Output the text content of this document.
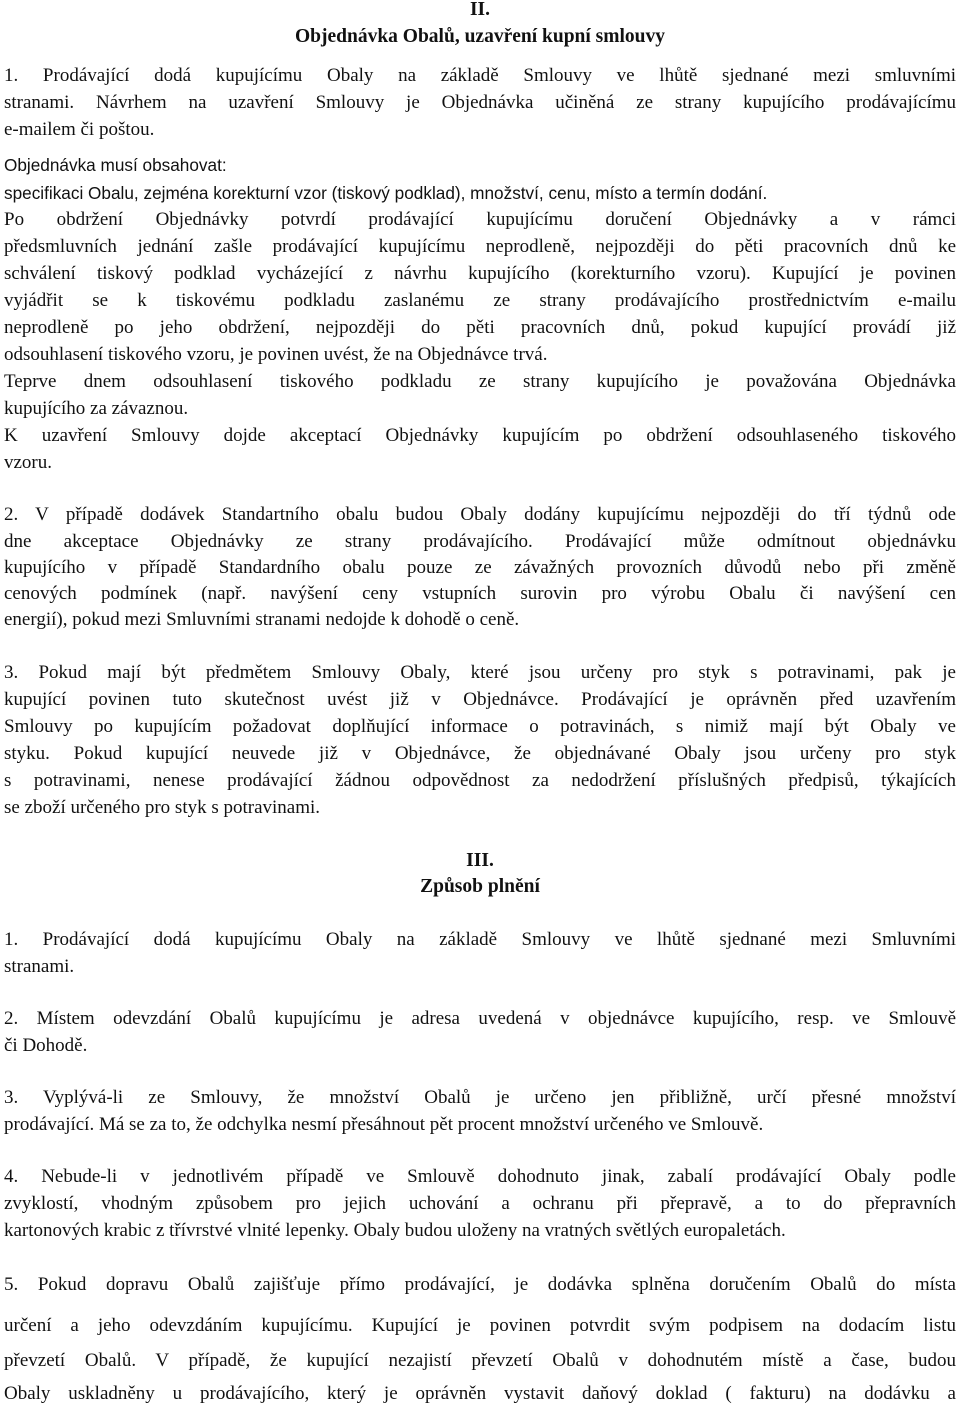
II.
Objednávka Obalů, uzavření kupní smlouvy
1. Prodávající dodá kupujícímu Obaly na základě Smlouvy ve lhůtě sjednané mezi smluvními
stranami. Návrhem na uzavření Smlouvy je Objednávka učiněná ze strany kupujícího prodávajícímu
e-mailem či poštou.
Objednávka musí obsahovat:
specifikaci Obalu, zejména korekturní vzor (tiskový podklad), množství, cenu, místo a termín dodání.
Po obdržení Objednávky potvrdí prodávající kupujícímu doručení Objednávky a v rámci
předsmluvních jednání zašle prodávající kupujícímu neprodleně, nejpozději do pěti pracovních dnů ke
schválení tiskový podklad vycházející z návrhu kupujícího (korekturního vzoru). Kupující je povinen
vyjádřit se k tiskovému podkladu zaslanému ze strany prodávajícího prostřednictvím e-mailu
neprodleně po jeho obdržení, nejpozději do pěti pracovních dnů, pokud kupující provádí již
odsouhlasení tiskového vzoru, je povinen uvést, že na Objednávce trvá.
Teprve dnem odsouhlasení tiskového podkladu ze strany kupujícího je považována Objednávka
kupujícího za závaznou.
K uzavření Smlouvy dojde akceptací Objednávky kupujícím po obdržení odsouhlaseného tiskového
vzoru.
2. V případě dodávek Standartního obalu budou Obaly dodány kupujícímu nejpozději do tří týdnů ode
dne akceptace Objednávky ze strany prodávajícího. Prodávající může odmítnout objednávku
kupujícího v případě Standardního obalu pouze ze závažných provozních důvodů nebo při změně
cenových podmínek (např. navýšení ceny vstupních surovin pro výrobu Obalu či navýšení cen
energií), pokud mezi Smluvními stranami nedojde k dohodě o ceně.
3. Pokud mají být předmětem Smlouvy Obaly, které jsou určeny pro styk s potravinami, pak je
kupující povinen tuto skutečnost uvést již v Objednávce. Prodávající je oprávněn před uzavřením
Smlouvy po kupujícím požadovat doplňující informace o potravinách, s nimiž mají být Obaly ve
styku. Pokud kupující neuvede již v Objednávce, že objednávané Obaly jsou určeny pro styk
s potravinami, nenese prodávající žádnou odpovědnost za nedodržení příslušných předpisů, týkajících
se zboží určeného pro styk s potravinami.
III.
Způsob plnění
1. Prodávající dodá kupujícímu Obaly na základě Smlouvy ve lhůtě sjednané mezi Smluvními
stranami.
2. Místem odevzdání Obalů kupujícímu je adresa uvedená v objednávce kupujícího, resp. ve Smlouvě
či Dohodě.
3. Vyplývá-li ze Smlouvy, že množství Obalů je určeno jen přibližně, určí přesné množství
prodávající. Má se za to, že odchylka nesmí přesáhnout pět procent množství určeného ve Smlouvě.
4. Nebude-li v jednotlivém případě ve Smlouvě dohodnuto jinak, zabalí prodávající Obaly podle
zvyklostí, vhodným způsobem pro jejich uchování a ochranu při přepravě, a to do přepravních
kartonových krabic z třívrstvé vlnité lepenky. Obaly budou uloženy na vratných světlých europaletách.
5. Pokud dopravu Obalů zajišťuje přímo prodávající, je dodávka splněna doručením Obalů do místa
určení a jeho odevzdáním kupujícímu. Kupující je povinen potvrdit svým podpisem na dodacím listu
převzetí Obalů. V případě, že kupující nezajistí převzetí Obalů v dohodnutém místě a čase, budou
Obaly uskladněny u prodávajícího, který je oprávněn vystavit daňový doklad ( fakturu) na dodávku a
